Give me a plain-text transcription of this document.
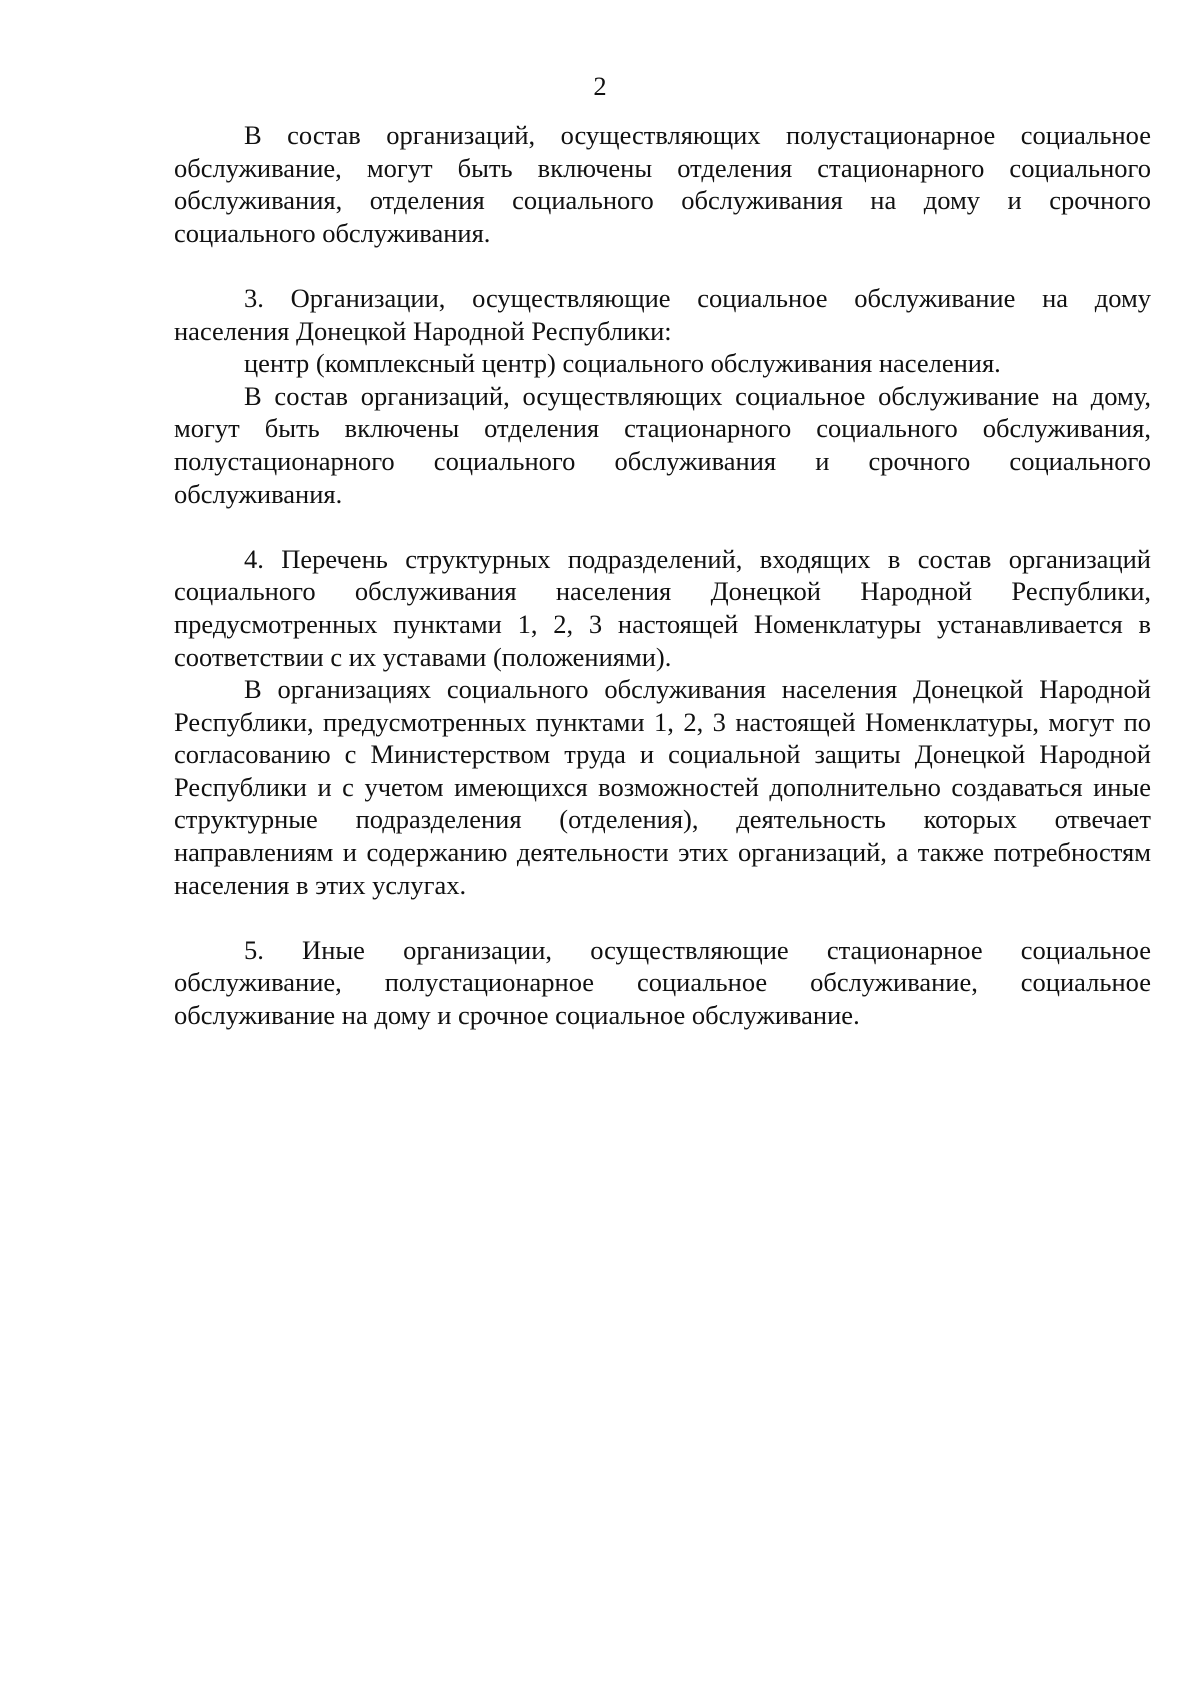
2

В состав организаций, осуществляющих полустационарное социальное обслуживание, могут быть включены отделения стационарного социального обслуживания, отделения социального обслуживания на дому и срочного социального обслуживания.

3. Организации, осуществляющие социальное обслуживание на дому населения Донецкой Народной Республики:

центр (комплексный центр) социального обслуживания населения.

В состав организаций, осуществляющих социальное обслуживание на дому, могут быть включены отделения стационарного социального обслуживания, полустационарного социального обслуживания и срочного социального обслуживания.

4. Перечень структурных подразделений, входящих в состав организаций социального обслуживания населения Донецкой Народной Республики, предусмотренных пунктами 1, 2, 3 настоящей Номенклатуры устанавливается в соответствии с их уставами (положениями).

В организациях социального обслуживания населения Донецкой Народной Республики, предусмотренных пунктами 1, 2, 3 настоящей Номенклатуры, могут по согласованию с Министерством труда и социальной защиты Донецкой Народной Республики и с учетом имеющихся возможностей дополнительно создаваться иные структурные подразделения (отделения), деятельность которых отвечает направлениям и содержанию деятельности этих организаций, а также потребностям населения в этих услугах.

5. Иные организации, осуществляющие стационарное социальное обслуживание, полустационарное социальное обслуживание, социальное обслуживание на дому и срочное социальное обслуживание.
